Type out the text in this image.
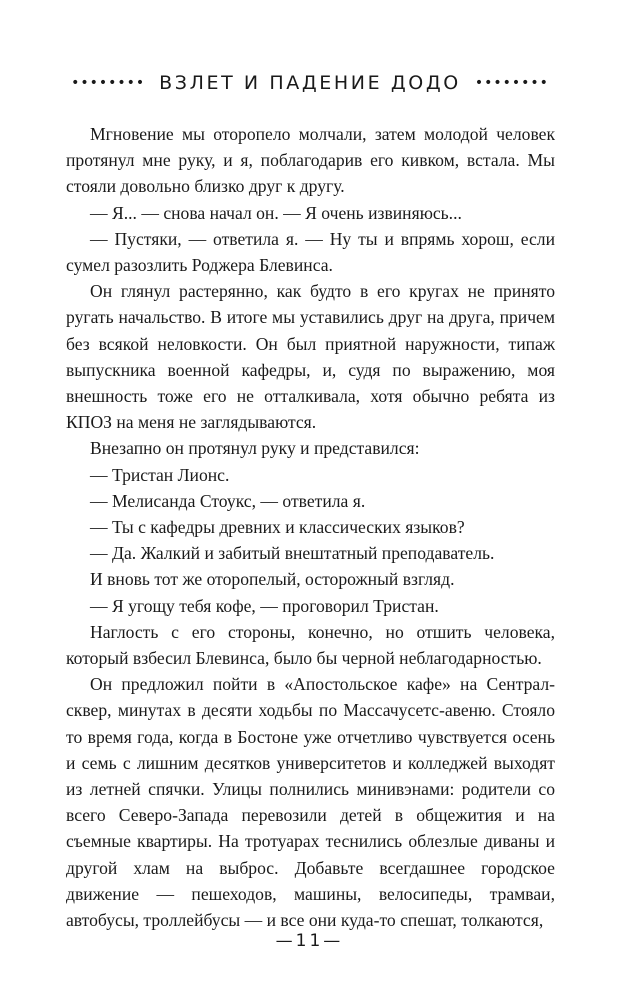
•••••••• ВЗЛЕТ И ПАДЕНИЕ ДОДО ••••••••

Мгновение мы оторопело молчали, затем молодой человек протянул мне руку, и я, поблагодарив его кивком, встала. Мы стояли довольно близко друг к другу.

— Я... — снова начал он. — Я очень извиняюсь...

— Пустяки, — ответила я. — Ну ты и впрямь хорош, если сумел разозлить Роджера Блевинса.

Он глянул растерянно, как будто в его кругах не принято ругать начальство. В итоге мы уставились друг на друга, причем без всякой неловкости. Он был приятной наружности, типаж выпускника военной кафедры, и, судя по выражению, моя внешность тоже его не отталкивала, хотя обычно ребята из КПОЗ на меня не заглядываются.

Внезапно он протянул руку и представился:

— Тристан Лионс.

— Мелисанда Стоукс, — ответила я.

— Ты с кафедры древних и классических языков?

— Да. Жалкий и забитый внештатный преподаватель.

И вновь тот же оторопелый, осторожный взгляд.

— Я угощу тебя кофе, — проговорил Тристан.

Наглость с его стороны, конечно, но отшить человека, который взбесил Блевинса, было бы черной неблагодарностью.

Он предложил пойти в «Апостольское кафе» на Сентрал-сквер, минутах в десяти ходьбы по Массачусетс-авеню. Стояло то время года, когда в Бостоне уже отчетливо чувствуется осень и семь с лишним десятков университетов и колледжей выходят из летней спячки. Улицы полнились минивэнами: родители со всего Северо-Запада перевозили детей в общежития и на съемные квартиры. На тротуарах теснились облезлые диваны и другой хлам на выброс. Добавьте всегдашнее городское движение — пешеходов, машины, велосипеды, трамваи, автобусы, троллейбусы — и все они куда-то спешат, толкаются,

—11—
